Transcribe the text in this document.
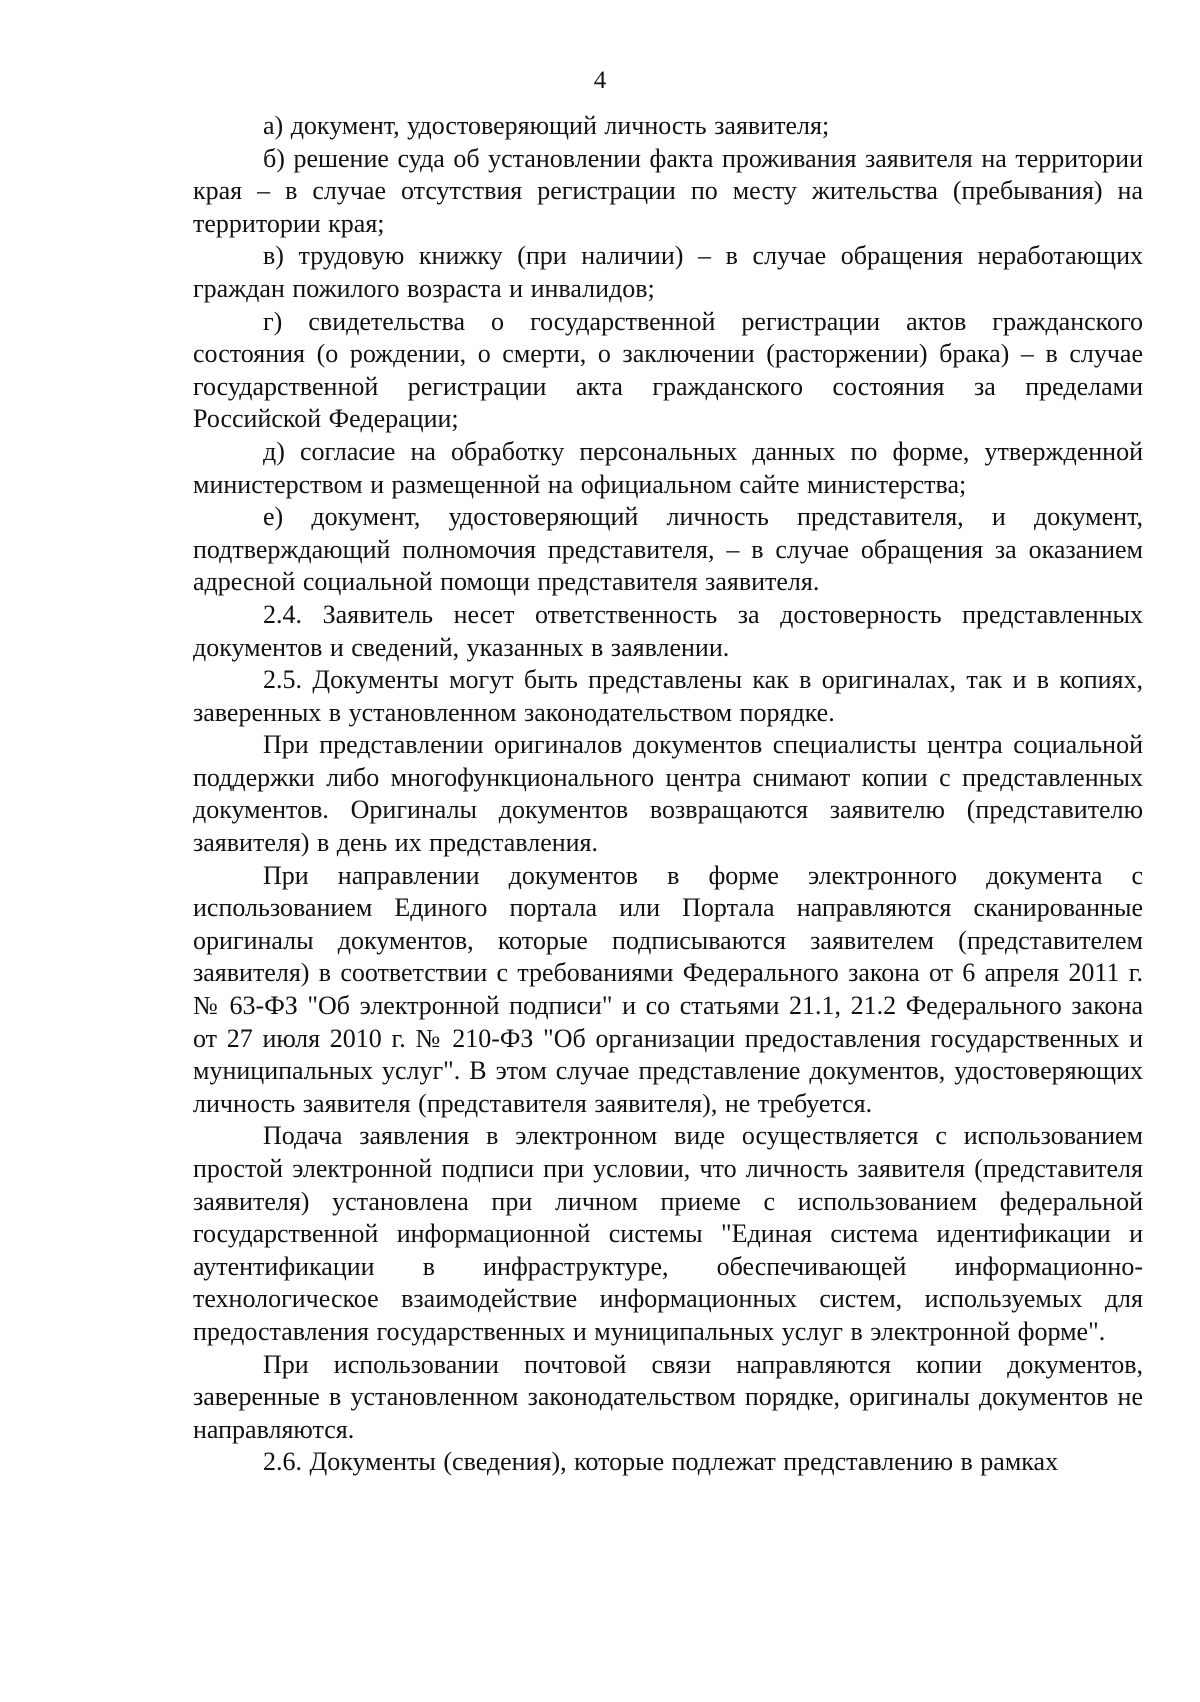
4

а) документ, удостоверяющий личность заявителя;

б) решение суда об установлении факта проживания заявителя на территории края – в случае отсутствия регистрации по месту жительства (пребывания) на территории края;

в) трудовую книжку (при наличии) – в случае обращения неработающих граждан пожилого возраста и инвалидов;

г) свидетельства о государственной регистрации актов гражданского состояния (о рождении, о смерти, о заключении (расторжении) брака) – в случае государственной регистрации акта гражданского состояния за пределами Российской Федерации;

д) согласие на обработку персональных данных по форме, утвержденной министерством и размещенной на официальном сайте министерства;

е) документ, удостоверяющий личность представителя, и документ, подтверждающий полномочия представителя, – в случае обращения за оказанием адресной социальной помощи представителя заявителя.

2.4. Заявитель несет ответственность за достоверность представленных документов и сведений, указанных в заявлении.

2.5. Документы могут быть представлены как в оригиналах, так и в копиях, заверенных в установленном законодательством порядке.

При представлении оригиналов документов специалисты центра социальной поддержки либо многофункционального центра снимают копии с представленных документов. Оригиналы документов возвращаются заявителю (представителю заявителя) в день их представления.

При направлении документов в форме электронного документа с использованием Единого портала или Портала направляются сканированные оригиналы документов, которые подписываются заявителем (представителем заявителя) в соответствии с требованиями Федерального закона от 6 апреля 2011 г. № 63-ФЗ "Об электронной подписи" и со статьями 21.1, 21.2 Федерального закона от 27 июля 2010 г. № 210-ФЗ "Об организации предоставления государственных и муниципальных услуг". В этом случае представление документов, удостоверяющих личность заявителя (представителя заявителя), не требуется.

Подача заявления в электронном виде осуществляется с использованием простой электронной подписи при условии, что личность заявителя (представителя заявителя) установлена при личном приеме с использованием федеральной государственной информационной системы "Единая система идентификации и аутентификации в инфраструктуре, обеспечивающей информационно-технологическое взаимодействие информационных систем, используемых для предоставления государственных и муниципальных услуг в электронной форме".

При использовании почтовой связи направляются копии документов, заверенные в установленном законодательством порядке, оригиналы документов не направляются.

2.6. Документы (сведения), которые подлежат представлению в рамках
